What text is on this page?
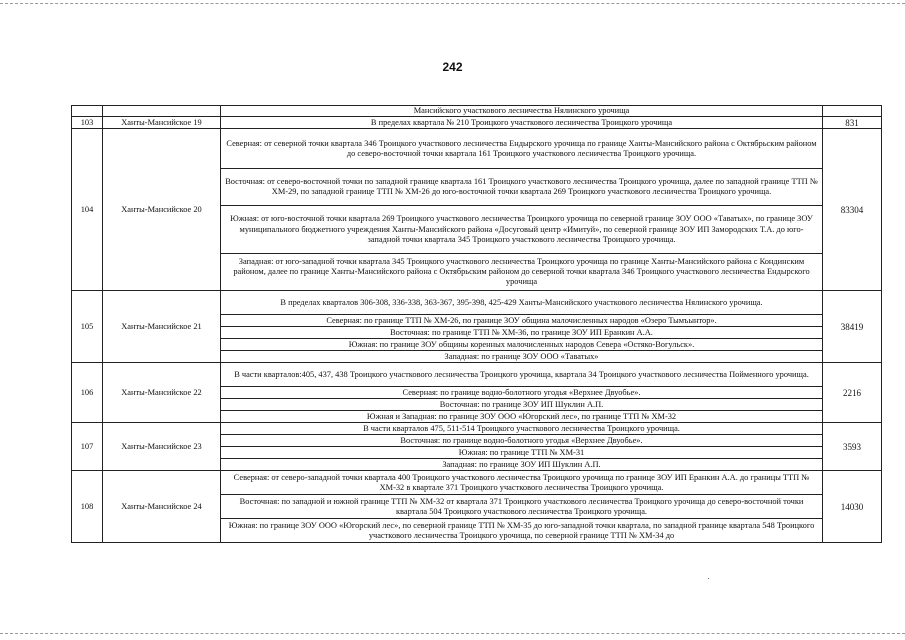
242
		Мансийского участкового лесничества Нялинского урочища	
103	Ханты-Мансийское 19	В пределах квартала № 210 Троицкого участкового лесничества Троицкого урочища	831
104	Ханты-Мансийское 20	Северная: от северной точки квартала 346 Троицкого участкового лесничества Ендырского урочища по границе Ханты-Мансийского района с Октябрьским районом до северо-восточной точки квартала 161 Троицкого участкового лесничества Троицкого урочища.	83304
		Восточная: от северо-восточной точки по западной границе квартала 161 Троицкого участкового лесничества Троицкого урочища, далее по западной границе ТТП № ХМ-29, по западной границе ТТП № ХМ-26 до юго-восточной точки квартала 269 Троицкого участкового лесничества Троицкого урочища.	
		Южная: от юго-восточной точки квартала 269 Троицкого участкового лесничества Троицкого урочища по северной границе ЗОУ ООО «Таватых», по границе ЗОУ муниципального бюджетного учреждения Ханты-Мансийского района «Досуговый центр «Имитуй», по северной границе ЗОУ ИП Замородских Т.А. до юго-западной точки квартала 345 Троицкого участкового лесничества Троицкого урочища.	
		Западная: от юго-западной точки квартала 345 Троицкого участкового лесничества Троицкого урочища по границе Ханты-Мансийского района с Кондинским районом, далее по границе Ханты-Мансийского района с Октябрьским районом до северной точки квартала 346 Троицкого участкового лесничества Ендырского урочища	
105	Ханты-Мансийское 21	В пределах кварталов 306-308, 336-338, 363-367, 395-398, 425-429 Ханты-Мансийского участкового лесничества Нялинского урочища.	38419
		Северная: по границе ТТП № ХМ-26, по границе ЗОУ община малочисленных народов «Озеро Тымъынтор».	
		Восточная: по границе ТТП № ХМ-36, по границе ЗОУ ИП Еранкин А.А.	
		Южная: по границе ЗОУ общины коренных малочисленных народов Севера «Остяко-Вогульск».	
		Западная: по границе ЗОУ ООО «Таватых»	
106	Ханты-Мансийское 22	В части кварталов:405, 437, 438 Троицкого участкового лесничества Троицкого урочища, квартала 34 Троицкого участкового лесничества Пойменного урочища.	2216
		Северная: по границе водно-болотного угодья «Верхнее Двуобье».	
		Восточная: по границе ЗОУ ИП Шуклин А.П.	
		Южная и Западная: по границе ЗОУ ООО «Югорский лес», по границе ТТП № ХМ-32	
107	Ханты-Мансийское 23	В части кварталов 475, 511-514 Троицкого участкового лесничества Троицкого урочища.	3593
		Восточная: по границе водно-болотного угодья «Верхнее Двуобье».	
		Южная: по границе ТТП № ХМ-31	
		Западная: по границе ЗОУ ИП Шуклин А.П.	
108	Ханты-Мансийское 24	Северная: от северо-западной точки квартала 400 Троицкого участкового лесничества Троицкого урочища по границе ЗОУ ИП Еранкин А.А. до границы ТТП № ХМ-32 в квартале 371 Троицкого участкового лесничества Троицкого урочища.	14030
		Восточная: по западной и южной границе ТТП № ХМ-32 от квартала 371 Троицкого участкового лесничества Троицкого урочища до северо-восточной точки квартала 504 Троицкого участкового лесничества Троицкого урочища.	
		Южная: по границе ЗОУ ООО «Югорский лес», по северной границе ТТП № ХМ-35 до юго-западной точки квартала, по западной границе квартала 548 Троицкого участкового лесничества Троицкого урочища, по северной границе ТТП № ХМ-34 до	
